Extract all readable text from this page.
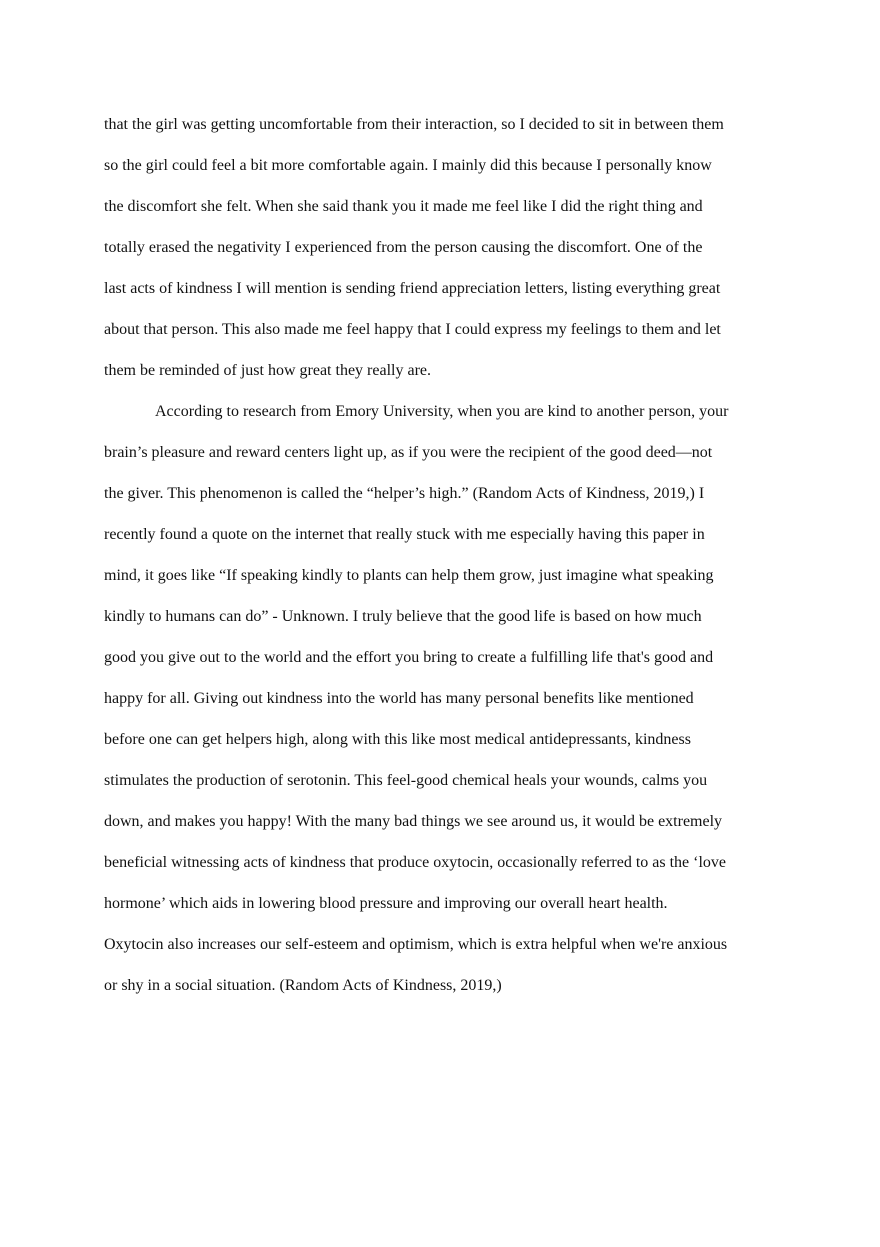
that the girl was getting uncomfortable from their interaction, so I decided to sit in between them
so the girl could feel a bit more comfortable again. I mainly did this because I personally know
the discomfort she felt. When she said thank you it made me feel like I did the right thing and
totally erased the negativity I experienced from the person causing the discomfort. One of the
last acts of kindness I will mention is sending friend appreciation letters, listing everything great
about that person. This also made me feel happy that I could express my feelings to them and let
them be reminded of just how great they really are.
According to research from Emory University, when you are kind to another person, your
brain’s pleasure and reward centers light up, as if you were the recipient of the good deed—not
the giver. This phenomenon is called the “helper’s high.” (Random Acts of Kindness, 2019,) I
recently found a quote on the internet that really stuck with me especially having this paper in
mind, it goes like “If speaking kindly to plants can help them grow, just imagine what speaking
kindly to humans can do” - Unknown. I truly believe that the good life is based on how much
good you give out to the world and the effort you bring to create a fulfilling life that's good and
happy for all. Giving out kindness into the world has many personal benefits like mentioned
before one can get helpers high, along with this like most medical antidepressants, kindness
stimulates the production of serotonin. This feel-good chemical heals your wounds, calms you
down, and makes you happy! With the many bad things we see around us, it would be extremely
beneficial witnessing acts of kindness that produce oxytocin, occasionally referred to as the ‘love
hormone’ which aids in lowering blood pressure and improving our overall heart health.
Oxytocin also increases our self-esteem and optimism, which is extra helpful when we're anxious
or shy in a social situation. (Random Acts of Kindness, 2019,)
